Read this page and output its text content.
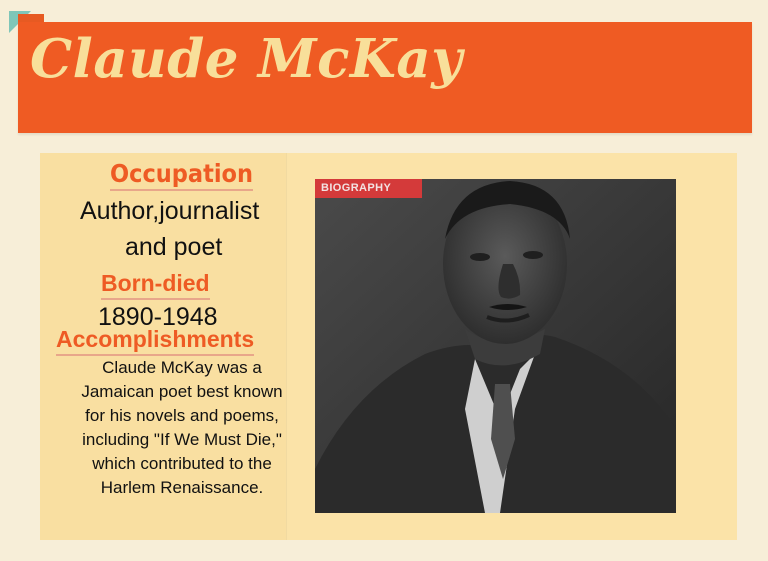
Claude McKay
BIOGRAPHY
Occupation
Author,journalist
and poet
Born-died
1890-1948
Accomplishments
Claude McKay was a
Jamaican poet best known
for his novels and poems,
including "If We Must Die,"
which contributed to the
Harlem Renaissance.
